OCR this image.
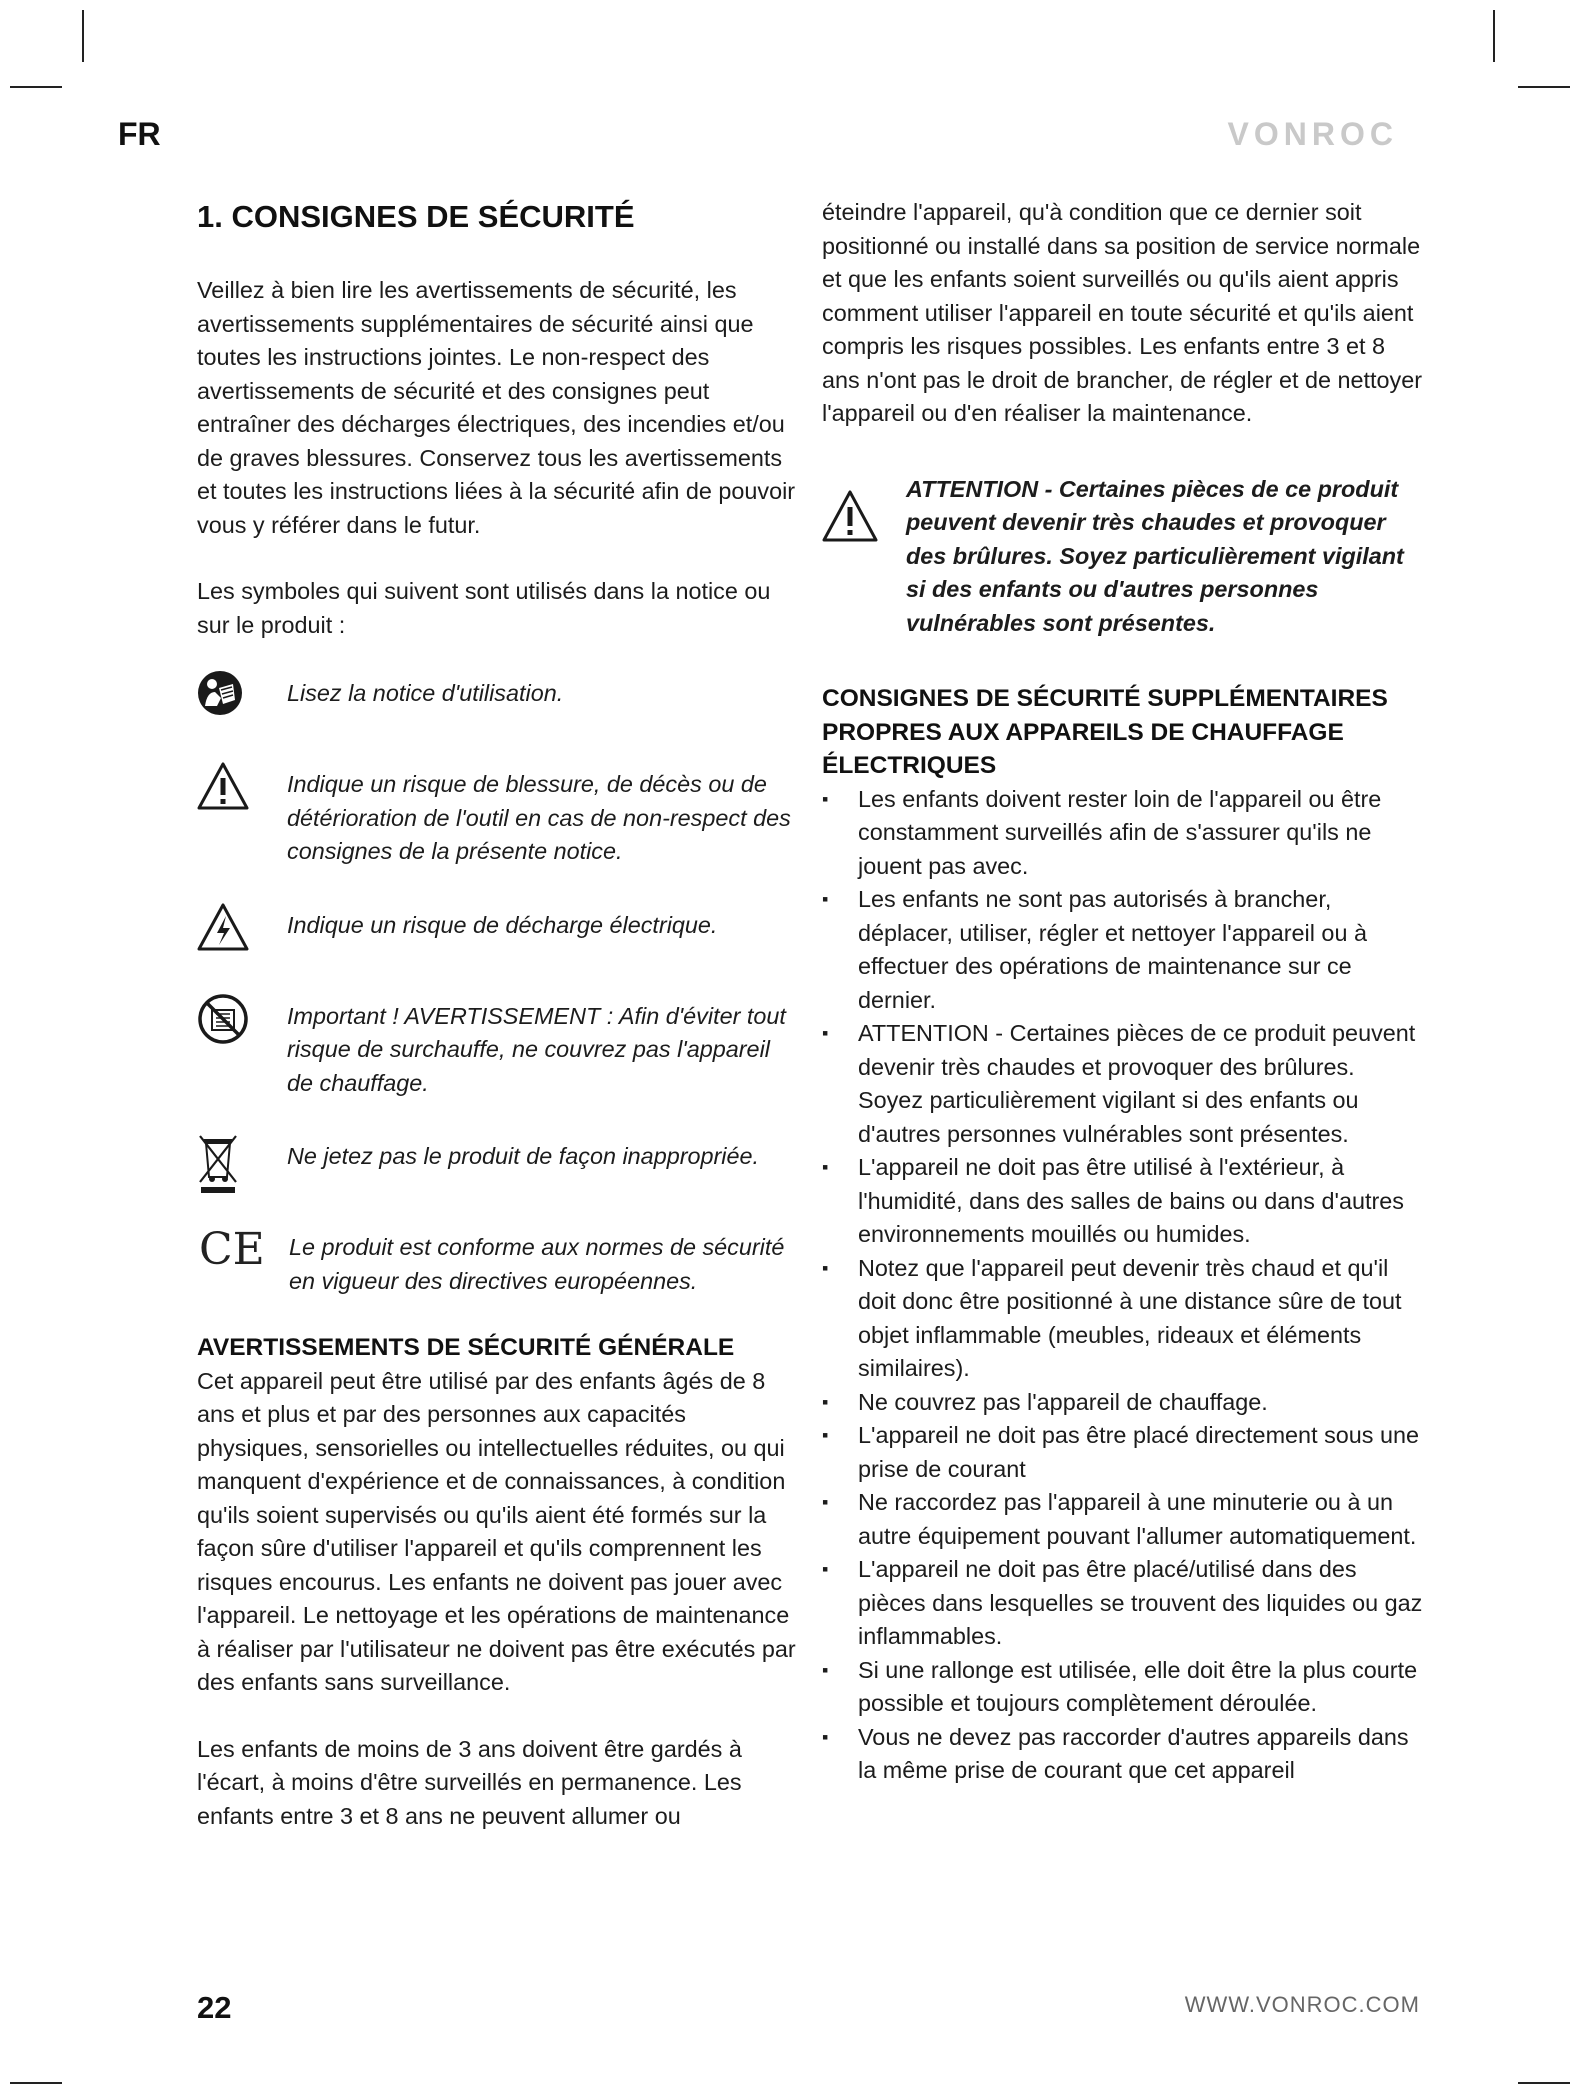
FR	VONROC
1. CONSIGNES DE SÉCURITÉ

Veillez à bien lire les avertissements de sécurité, les avertissements supplémentaires de sécurité ainsi que toutes les instructions jointes. Le non-respect des avertissements de sécurité et des consignes peut entraîner des décharges électriques, des incendies et/ou de graves blessures. Conservez tous les avertissements et toutes les instructions liées à la sécurité afin de pouvoir vous y référer dans le futur.

Les symboles qui suivent sont utilisés dans la notice ou sur le produit :

Lisez la notice d'utilisation.
Indique un risque de blessure, de décès ou de détérioration de l'outil en cas de non-respect des consignes de la présente notice.
Indique un risque de décharge électrique.
Important ! AVERTISSEMENT : Afin d'éviter tout risque de surchauffe, ne couvrez pas l'appareil de chauffage.
Ne jetez pas le produit de façon inappropriée.
CE	Le produit est conforme aux normes de sécurité en vigueur des directives européennes.
AVERTISSEMENTS DE SÉCURITÉ GÉNÉRALE

Cet appareil peut être utilisé par des enfants âgés de 8 ans et plus et par des personnes aux capacités physiques, sensorielles ou intellectuelles réduites, ou qui manquent d'expérience et de connaissances, à condition qu'ils soient supervisés ou qu'ils aient été formés sur la façon sûre d'utiliser l'appareil et qu'ils comprennent les risques encourus. Les enfants ne doivent pas jouer avec l'appareil. Le nettoyage et les opérations de maintenance à réaliser par l'utilisateur ne doivent pas être exécutés par des enfants sans surveillance.

Les enfants de moins de 3 ans doivent être gardés à l'écart, à moins d'être surveillés en permanence. Les enfants entre 3 et 8 ans ne peuvent allumer ou

éteindre l'appareil, qu'à condition que ce dernier soit positionné ou installé dans sa position de service normale et que les enfants soient surveillés ou qu'ils aient appris comment utiliser l'appareil en toute sécurité et qu'ils aient compris les risques possibles. Les enfants entre 3 et 8 ans n'ont pas le droit de brancher, de régler et de nettoyer l'appareil ou d'en réaliser la maintenance.

ATTENTION - Certaines pièces de ce produit peuvent devenir très chaudes et provoquer des brûlures. Soyez particulièrement vigilant si des enfants ou d'autres personnes vulnérables sont présentes.
CONSIGNES DE SÉCURITÉ SUPPLÉMENTAIRES PROPRES AUX APPAREILS DE CHAUFFAGE ÉLECTRIQUES
▪ Les enfants doivent rester loin de l'appareil ou être constamment surveillés afin de s'assurer qu'ils ne jouent pas avec.
▪ Les enfants ne sont pas autorisés à brancher, déplacer, utiliser, régler et nettoyer l'appareil ou à effectuer des opérations de maintenance sur ce dernier.
▪ ATTENTION - Certaines pièces de ce produit peuvent devenir très chaudes et provoquer des brûlures. Soyez particulièrement vigilant si des enfants ou d'autres personnes vulnérables sont présentes.
▪ L'appareil ne doit pas être utilisé à l'extérieur, à l'humidité, dans des salles de bains ou dans d'autres environnements mouillés ou humides.
▪ Notez que l'appareil peut devenir très chaud et qu'il doit donc être positionné à une distance sûre de tout objet inflammable (meubles, rideaux et éléments similaires).
▪ Ne couvrez pas l'appareil de chauffage.
▪ L'appareil ne doit pas être placé directement sous une prise de courant
▪ Ne raccordez pas l'appareil à une minuterie ou à un autre équipement pouvant l'allumer automatiquement.
▪ L'appareil ne doit pas être placé/utilisé dans des pièces dans lesquelles se trouvent des liquides ou gaz inflammables.
▪ Si une rallonge est utilisée, elle doit être la plus courte possible et toujours complètement déroulée.
▪ Vous ne devez pas raccorder d'autres appareils dans la même prise de courant que cet appareil
22	WWW.VONROC.COM
